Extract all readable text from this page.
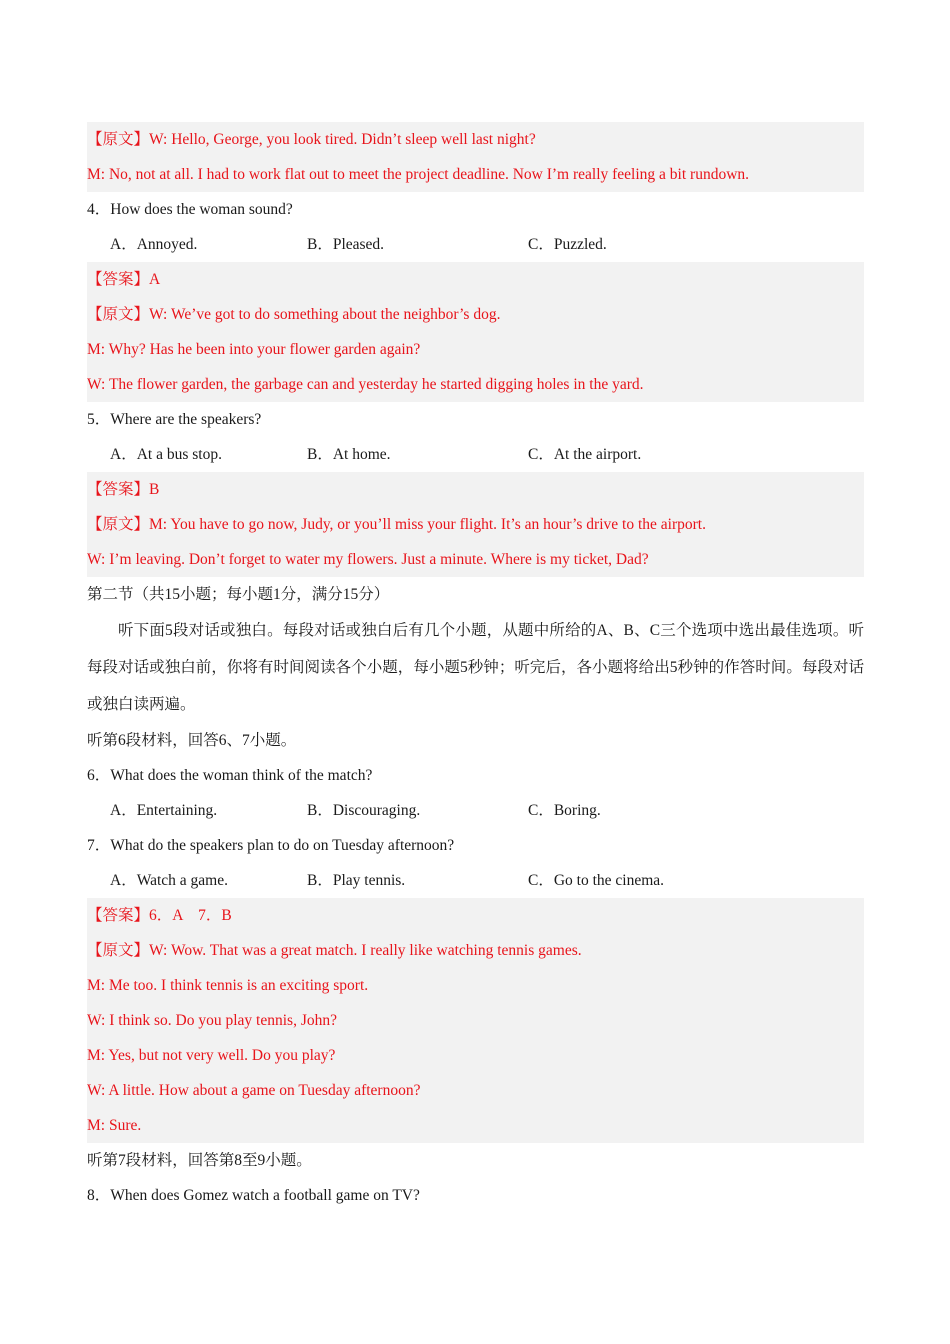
【原文】W: Hello, George, you look tired. Didn’t sleep well last night?
M: No, not at all. I had to work flat out to meet the project deadline. Now I’m really feeling a bit rundown.
4．How does the woman sound?
A．Annoyed.	B．Pleased.	C．Puzzled.
【答案】A
【原文】W: We’ve got to do something about the neighbor’s dog.
M: Why? Has he been into your flower garden again?
W: The flower garden, the garbage can and yesterday he started digging holes in the yard.
5．Where are the speakers?
A．At a bus stop.	B．At home.	C．At the airport.
【答案】B
【原文】M: You have to go now, Judy, or you’ll miss your flight. It’s an hour’s drive to the airport.
W: I’m leaving. Don’t forget to water my flowers. Just a minute. Where is my ticket, Dad?
第二节（共15小题；每小题1分，满分15分）
听下面5段对话或独白。每段对话或独白后有几个小题，从题中所给的A、B、C三个选项中选出最佳选项。听每段对话或独白前，你将有时间阅读各个小题，每小题5秒钟；听完后，各小题将给出5秒钟的作答时间。每段对话或独白读两遍。
听第6段材料，回答6、7小题。
6．What does the woman think of the match?
A．Entertaining.	B．Discouraging.	C．Boring.
7．What do the speakers plan to do on Tuesday afternoon?
A．Watch a game.	B．Play tennis.	C．Go to the cinema.
【答案】6．A    7．B
【原文】W: Wow. That was a great match. I really like watching tennis games.
M: Me too. I think tennis is an exciting sport.
W: I think so. Do you play tennis, John?
M: Yes, but not very well. Do you play?
W: A little. How about a game on Tuesday afternoon?
M: Sure.
听第7段材料，回答第8至9小题。
8．When does Gomez watch a football game on TV?
